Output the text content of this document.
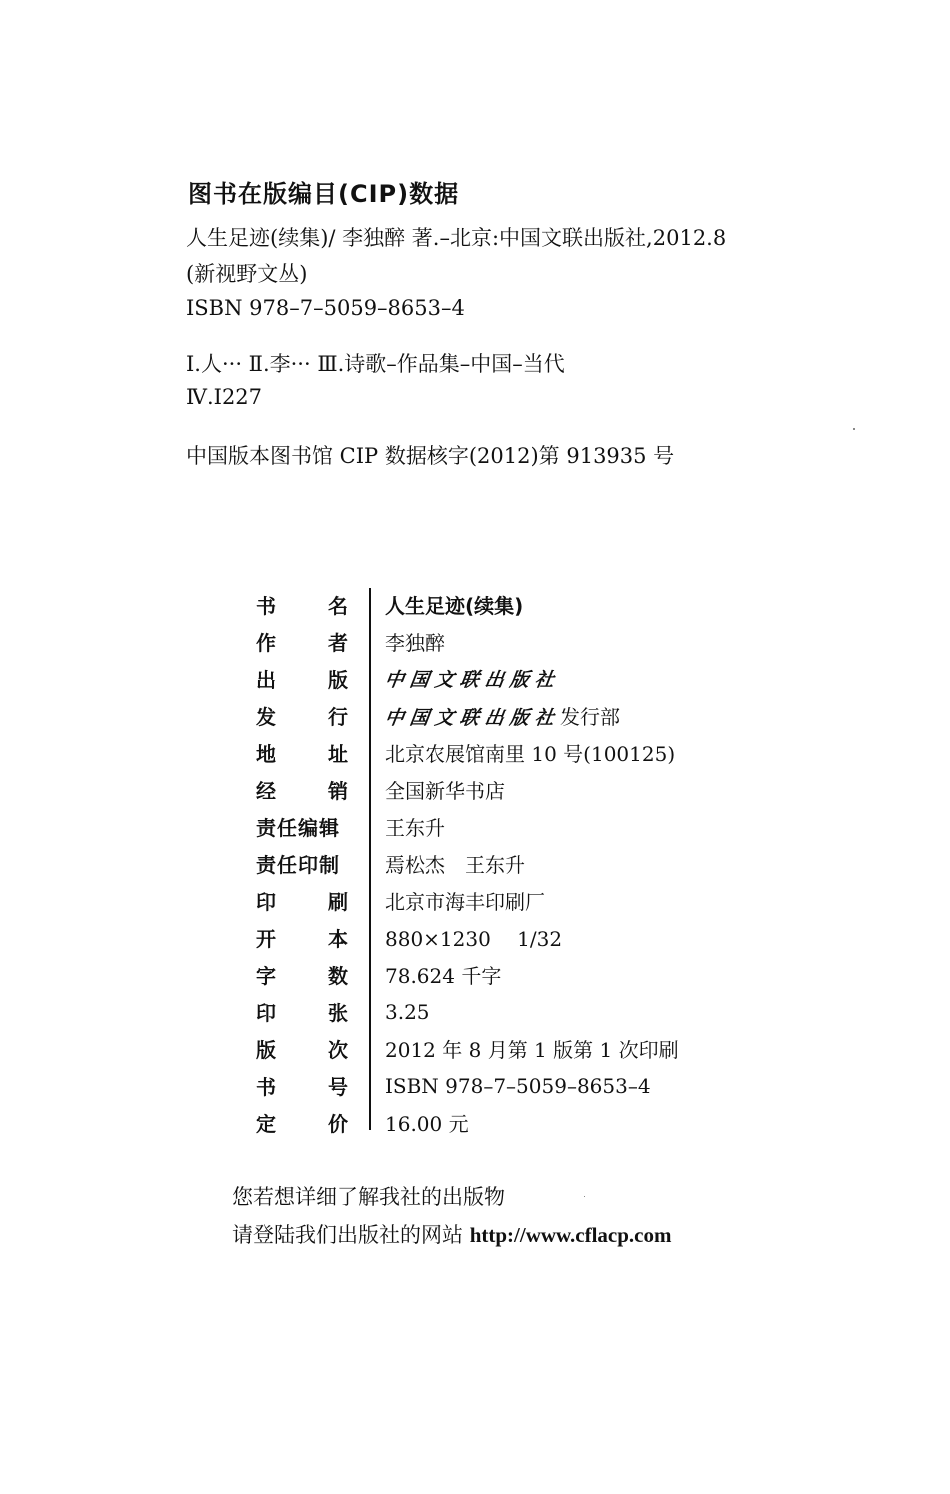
图书在版编目(CIP)数据
人生足迹(续集)/ 李独醉 著.–北京:中国文联出版社,2012.8
(新视野文丛)
ISBN 978–7–5059–8653–4
Ⅰ.人··· Ⅱ.李··· Ⅲ.诗歌–作品集–中国–当代
Ⅳ.I227
中国版本图书馆 CIP 数据核字(2012)第 913935 号
书	名 人生足迹(续集)
作	者 李独醉
出	版 中国文联出版社
发	行 中国文联出版社发行部
地	址 北京农展馆南里 10 号(100125)
经	销 全国新华书店
责任编辑	王东升
责任印制	焉松杰　王东升
印	刷 北京市海丰印刷厂
开	本 880×1230　 1/32
字	数 78.624 千字
印	张 3.25
版	次 2012 年 8 月第 1 版第 1 次印刷
书	号 ISBN 978–7–5059–8653–4
定	价 16.00 元
您若想详细了解我社的出版物
请登陆我们出版社的网站 http://www.cflacp.com
